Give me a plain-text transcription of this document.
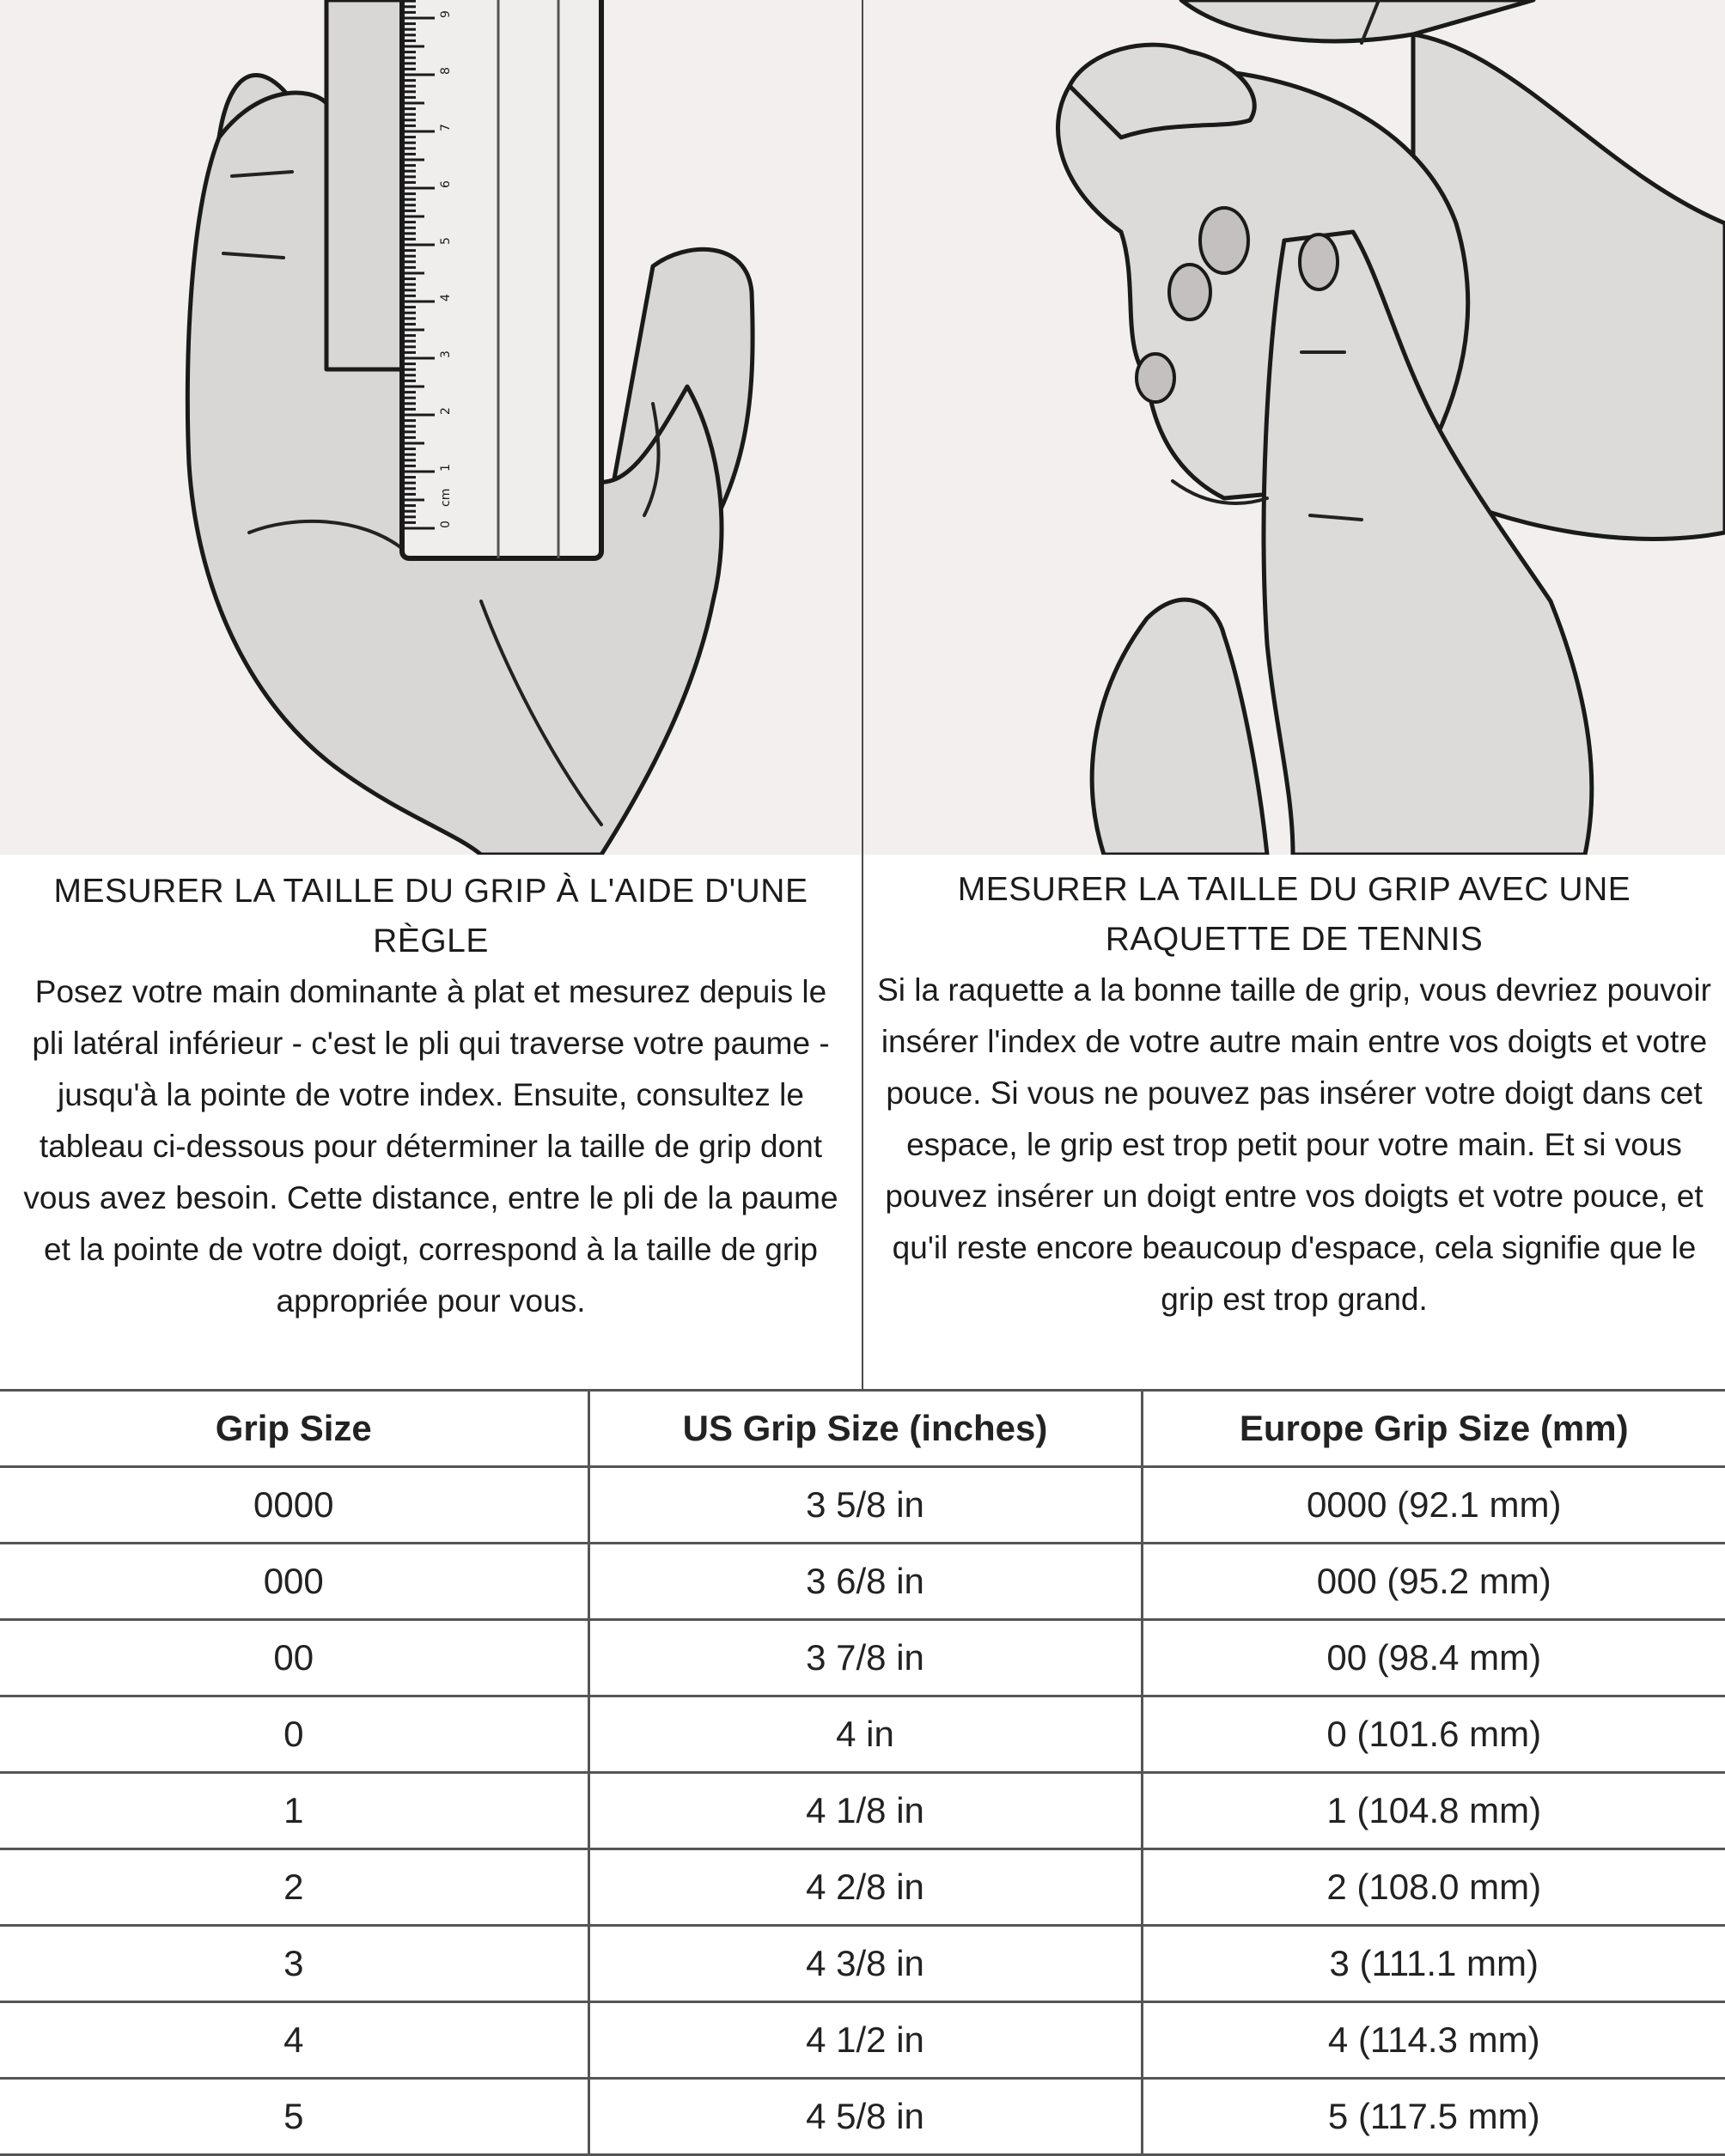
0
1
2
3
4
5
6
7
8
9
cm

MESURER LA TAILLE DU GRIP À L'AIDE D'UNE RÈGLE

Posez votre main dominante à plat et mesurez depuis le pli latéral inférieur - c'est le pli qui traverse votre paume - jusqu'à la pointe de votre index. Ensuite, consultez le tableau ci-dessous pour déterminer la taille de grip dont vous avez besoin. Cette distance, entre le pli de la paume et la pointe de votre doigt, correspond à la taille de grip appropriée pour vous.

MESURER LA TAILLE DU GRIP AVEC UNE RAQUETTE DE TENNIS

Si la raquette a la bonne taille de grip, vous devriez pouvoir insérer l'index de votre autre main entre vos doigts et votre pouce. Si vous ne pouvez pas insérer votre doigt dans cet espace, le grip est trop petit pour votre main. Et si vous pouvez insérer un doigt entre vos doigts et votre pouce, et qu'il reste encore beaucoup d'espace, cela signifie que le grip est trop grand.

Grip Size	US Grip Size (inches)	Europe Grip Size (mm)
0000	3 5/8 in	0000 (92.1 mm)
000	3 6/8 in	000 (95.2 mm)
00	3 7/8 in	00 (98.4 mm)
0	4 in	0 (101.6 mm)
1	4 1/8 in	1 (104.8 mm)
2	4 2/8 in	2 (108.0 mm)
3	4 3/8 in	3 (111.1 mm)
4	4 1/2 in	4 (114.3 mm)
5	4 5/8 in	5 (117.5 mm)
